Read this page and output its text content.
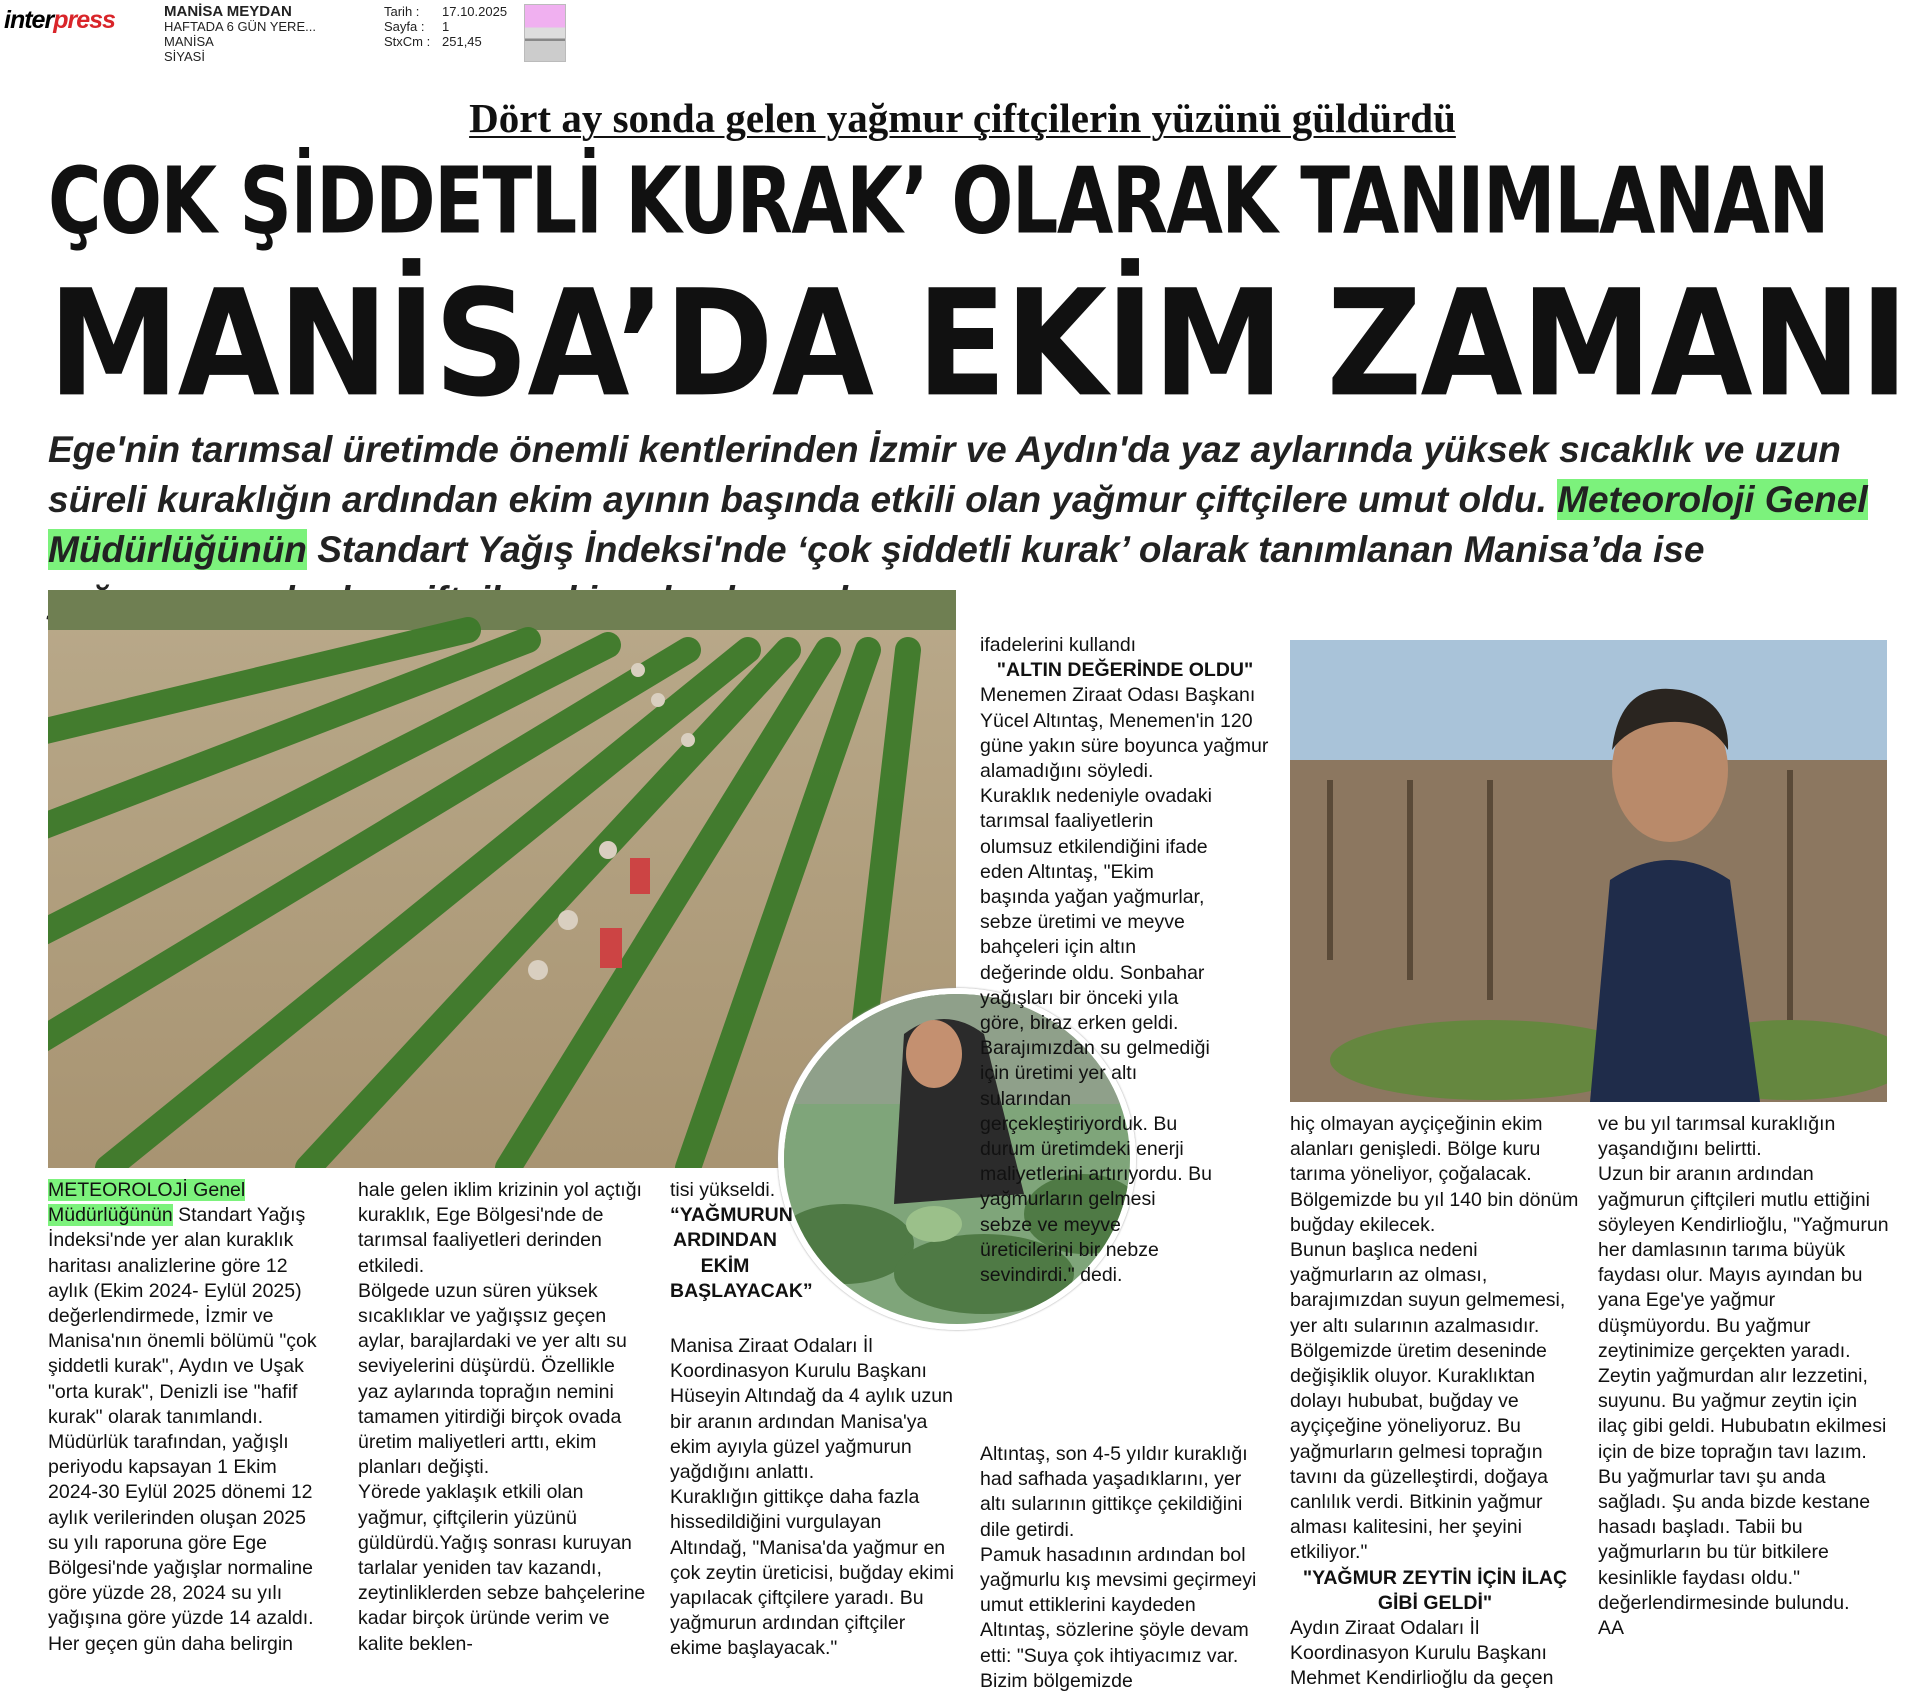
interpress	MANİSA MEYDAN
HAFTADA 6 GÜN YERE...
MANİSA
SİYASİ
Tarih : 17.10.2025
Sayfa : 1
StxCm : 251,45
Dört ay sonda gelen yağmur çiftçilerin yüzünü güldürdü
ÇOK ŞİDDETLİ KURAK’ OLARAK TANIMLANAN
MANİSA’DA EKİM ZAMANI
Ege'nin tarımsal üretimde önemli kentlerinden İzmir ve Aydın'da yaz aylarında yüksek sıcaklık ve uzun süreli kuraklığın ardından ekim ayının başında etkili olan yağmur çiftçilere umut oldu. Meteoroloji Genel Müdürlüğünün Standart Yağış İndeksi'nde ‘çok şiddetli kurak’ olarak tanımlanan Manisa’da ise

METEOROLOJİ Genel Müdürlüğünün Standart Yağış İndeksi'nde yer alan kuraklık haritası analizlerine göre 12 aylık (Ekim 2024- Eylül 2025) değerlendirmede, İzmir ve Manisa'nın önemli bölümü "çok şiddetli kurak", Aydın ve Uşak "orta kurak", Denizli ise "hafif kurak" olarak tanımlandı. Müdürlük tarafından, yağışlı periyodu kapsayan 1 Ekim 2024-30 Eylül 2025 dönemi 12 aylık verilerinden oluşan 2025 su yılı raporuna göre Ege Bölgesi'nde yağışlar normaline göre yüzde 28, 2024 su yılı yağışına göre yüzde 14 azaldı. Her geçen gün daha belirgin

hale gelen iklim krizinin yol açtığı kuraklık, Ege Bölgesi'nde de tarımsal faaliyetleri derinden etkiledi.

Bölgede uzun süren yüksek sıcaklıklar ve yağışsız geçen aylar, barajlardaki ve yer altı su seviyelerini düşürdü. Özellikle yaz aylarında toprağın nemini tamamen yitirdiği birçok ovada üretim maliyetleri arttı, ekim planları değişti.

Yörede yaklaşık etkili olan yağmur, çiftçilerin yüzünü güldürdü.Yağış sonrası kuruyan tarlalar yeniden tav kazandı, zeytinliklerden sebze bahçelerine kadar birçok üründe verim ve kalite beklen-

tisi yükseldi.

“YAĞMURUN ARDINDAN EKİM BAŞLAYACAK”

Manisa Ziraat Odaları İl Koordinasyon Kurulu Başkanı Hüseyin Altındağ da 4 aylık uzun bir aranın ardından Manisa'ya ekim ayıyla güzel yağmurun yağdığını anlattı.

Kuraklığın gittikçe daha fazla hissedildiğini vurgulayan Altındağ, "Manisa'da yağmur en çok zeytin üreticisi, buğday ekimi yapılacak çiftçilere yaradı. Bu yağmurun ardından çiftçiler ekime başlayacak."

ifadelerini kullandı

"ALTIN DEĞERİNDE OLDU"

Menemen Ziraat Odası Başkanı Yücel Altıntaş, Menemen'in 120 güne yakın süre boyunca yağmur alamadığını söyledi.

Kuraklık nedeniyle ovadaki tarımsal faaliyetlerin olumsuz etkilendiğini ifade eden Altıntaş, "Ekim başında yağan yağmurlar, sebze üretimi ve meyve bahçeleri için altın değerinde oldu. Sonbahar yağışları bir önceki yıla göre, biraz erken geldi. Barajımızdan su gelmediği için üretimi yer altı sularından gerçekleştiriyorduk. Bu durum üretimdeki enerji maliyetlerini artırıyordu. Bu yağmurların gelmesi sebze ve meyve üreticilerini bir nebze sevindirdi." dedi.

Altıntaş, son 4-5 yıldır kuraklığı had safhada yaşadıklarını, yer altı sularının gittikçe çekildiğini dile getirdi.

Pamuk hasadının ardından bol yağmurlu kış mevsimi geçirmeyi umut ettiklerini kaydeden Altıntaş, sözlerine şöyle devam etti: "Suya çok ihtiyacımız var. Bizim bölgemizde

hiç olmayan ayçiçeğinin ekim alanları genişledi. Bölge kuru tarıma yöneliyor, çoğalacak. Bölgemizde bu yıl 140 bin dönüm buğday ekilecek.

Bunun başlıca nedeni yağmurların az olması, barajımızdan suyun gelmemesi, yer altı sularının azalmasıdır. Bölgemizde üretim deseninde değişiklik oluyor. Kuraklıktan dolayı hububat, buğday ve ayçiçeğine yöneliyoruz. Bu yağmurların gelmesi toprağın tavını da güzelleştirdi, doğaya canlılık verdi. Bitkinin yağmur alması kalitesini, her şeyini etkiliyor."

"YAĞMUR ZEYTİN İÇİN İLAÇ GİBİ GELDİ"

Aydın Ziraat Odaları İl Koordinasyon Kurulu Başkanı Mehmet Kendirlioğlu da geçen

ve bu yıl tarımsal kuraklığın yaşandığını belirtti.

Uzun bir aranın ardından yağmurun çiftçileri mutlu ettiğini söyleyen Kendirlioğlu, "Yağmurun her damlasının tarıma büyük faydası olur. Mayıs ayından bu yana Ege'ye yağmur düşmüyordu. Bu yağmur zeytinimize gerçekten yaradı. Zeytin yağmurdan alır lezzetini, suyunu. Bu yağmur zeytin için ilaç gibi geldi. Hububatın ekilmesi için de bize toprağın tavı lazım. Bu yağmurlar tavı şu anda sağladı. Şu anda bizde kestane hasadı başladı. Tabii bu yağmurların bu tür bitkilere kesinlikle faydası oldu." değerlendirmesinde bulundu.

AA
